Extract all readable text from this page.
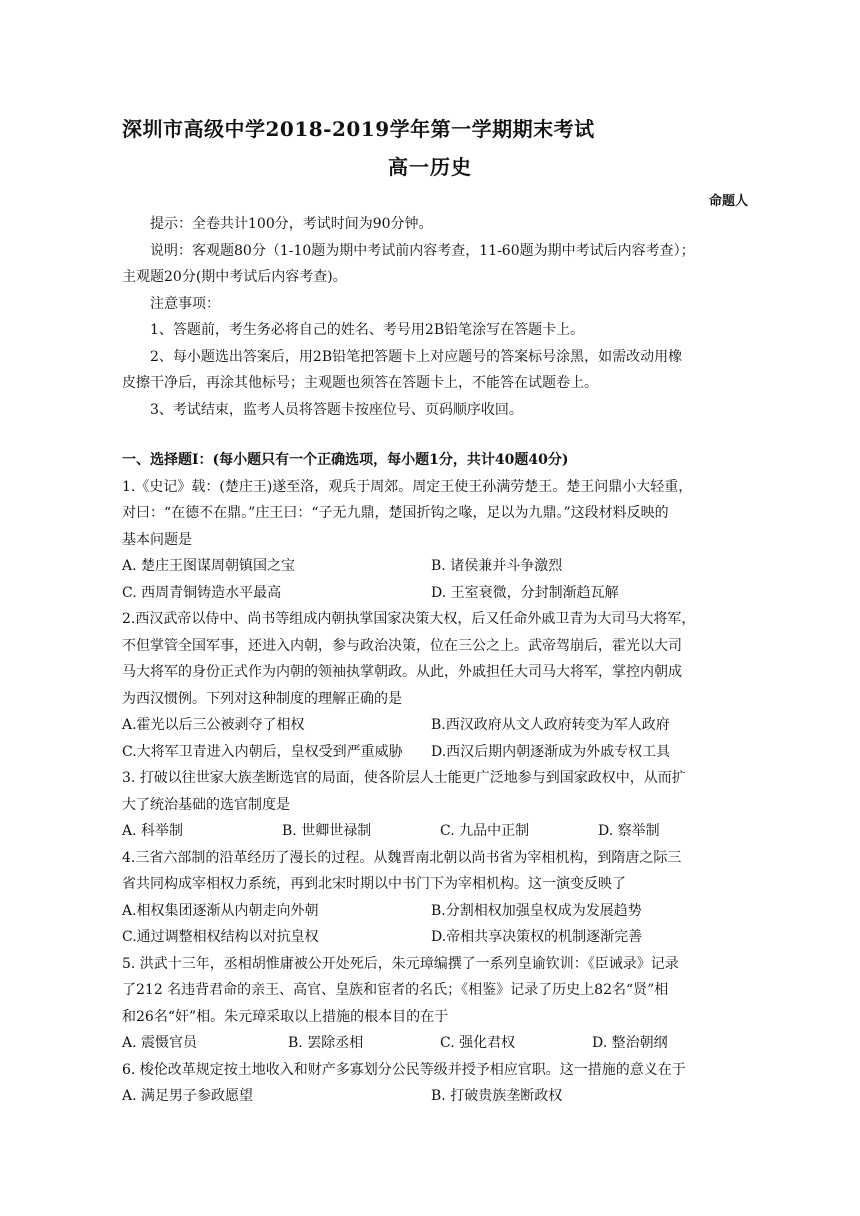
深圳市高级中学2018-2019学年第一学期期末考试
高一历史
命题人
提示：全卷共计100分，考试时间为90分钟。
说明：客观题80分（1-10题为期中考试前内容考查，11-60题为期中考试后内容考查）；
主观题20分(期中考试后内容考查)。
注意事项：
1、答题前，考生务必将自己的姓名、考号用2B铅笔涂写在答题卡上。
2、每小题选出答案后，用2B铅笔把答题卡上对应题号的答案标号涂黑，如需改动用橡
皮擦干净后，再涂其他标号；主观题也须答在答题卡上，不能答在试题卷上。
3、考试结束，监考人员将答题卡按座位号、页码顺序收回。
一、选择题Ⅰ：(每小题只有一个正确选项，每小题1分，共计40题40分)
1.《史记》载：(楚庄王)遂至洛，观兵于周郊。周定王使王孙满劳楚王。楚王问鼎小大轻重，
对曰：“在德不在鼎。”庄王曰：“子无九鼎，楚国折钩之喙，足以为九鼎。”这段材料反映的
基本问题是
A. 楚庄王图谋周朝镇国之宝	B. 诸侯兼并斗争激烈
C. 西周青铜铸造水平最高	D. 王室衰微，分封制渐趋瓦解
2.西汉武帝以侍中、尚书等组成内朝执掌国家决策大权，后又任命外戚卫青为大司马大将军，
不但掌管全国军事，还进入内朝，参与政治决策，位在三公之上。武帝驾崩后，霍光以大司
马大将军的身份正式作为内朝的领袖执掌朝政。从此，外戚担任大司马大将军，掌控内朝成
为西汉惯例。下列对这种制度的理解正确的是
A.霍光以后三公被剥夺了相权	B.西汉政府从文人政府转变为军人政府
C.大将军卫青进入内朝后，皇权受到严重威胁	D.西汉后期内朝逐渐成为外戚专权工具
3. 打破以往世家大族垄断选官的局面，使各阶层人士能更广泛地参与到国家政权中，从而扩
大了统治基础的选官制度是
A. 科举制	B. 世卿世禄制	C. 九品中正制	D. 察举制
4.三省六部制的沿革经历了漫长的过程。从魏晋南北朝以尚书省为宰相机构，到隋唐之际三
省共同构成宰相权力系统，再到北宋时期以中书门下为宰相机构。这一演变反映了
A.相权集团逐渐从内朝走向外朝	B.分割相权加强皇权成为发展趋势
C.通过调整相权结构以对抗皇权	D.帝相共享决策权的机制逐渐完善
5. 洪武十三年，丞相胡惟庸被公开处死后，朱元璋编撰了一系列皇谕钦训：《臣诫录》记录
了212 名违背君命的亲王、高官、皇族和宦者的名氏；《相鉴》记录了历史上82名“贤”相
和26名“奸”相。朱元璋采取以上措施的根本目的在于
A. 震慑官员	B. 罢除丞相	C. 强化君权	D. 整治朝纲
6. 梭伦改革规定按土地收入和财产多寡划分公民等级并授予相应官职。这一措施的意义在于
A. 满足男子参政愿望	B. 打破贵族垄断政权
